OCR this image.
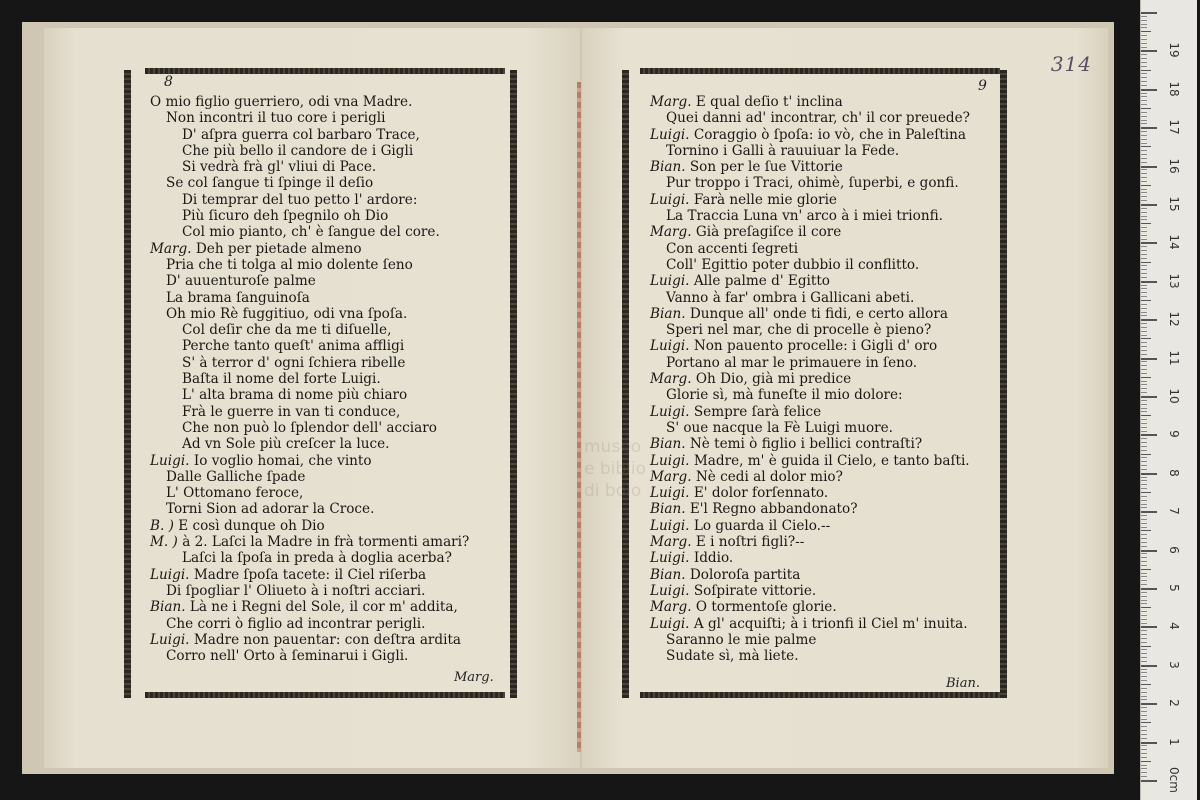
8	9
314
museo
e biblio
di bolo
O mio figlio guerriero, odi vna Madre.
Non incontri il tuo core i perigli
D' aſpra guerra col barbaro Trace,
Che più bello il candore de i Gigli
Si vedrà frà gl' vliui di Pace.
Se col ſangue ti ſpinge il deſio
Di temprar del tuo petto l' ardore:
Più ſicuro deh ſpegnilo oh Dio
Col mio pianto, ch' è ſangue del core.
Marg. Deh per pietade almeno
Pria che ti tolga al mio dolente ſeno
D' auuenturoſe palme
La brama ſanguinoſa
Oh mio Rè fuggitiuo, odi vna ſpoſa.
Col deſir che da me ti diſuelle,
Perche tanto queſt' anima affligi
S' à terror d' ogni ſchiera ribelle
Baſta il nome del forte Luigi.
L' alta brama di nome più chiaro
Frà le guerre in van ti conduce,
Che non può lo ſplendor dell' acciaro
Ad vn Sole più creſcer la luce.
Luigi. Io voglio homai, che vinto
Dalle Galliche ſpade
L' Ottomano feroce,
Torni Sion ad adorar la Croce.
B. ) E così dunque oh Dio
M. ) à 2. Laſci la Madre in frà tormenti amari?
Laſci la ſpoſa in preda à doglia acerba?
Luigi. Madre ſpoſa tacete: il Ciel riſerba
Di ſpogliar l' Oliueto à i noſtri acciari.
Bian. Là ne i Regni del Sole, il cor m' addita,
Che corri ò figlio ad incontrar perigli.
Luigi. Madre non pauentar: con deſtra ardita
Corro nell' Orto à ſeminarui i Gigli.
Marg.
Marg. E qual deſio t' inclina
Quei danni ad' incontrar, ch' il cor preuede?
Luigi. Coraggio ò ſpoſa: io vò, che in Paleſtina
Tornino i Galli à rauuiuar la Fede.
Bian. Son per le ſue Vittorie
Pur troppo i Traci, ohimè, ſuperbi, e gonfi.
Luigi. Farà nelle mie glorie
La Traccia Luna vn' arco à i miei trionfi.
Marg. Già preſagiſce il core
Con accenti ſegreti
Coll' Egittio poter dubbio il conflitto.
Luigi. Alle palme d' Egitto
Vanno à far' ombra i Gallicani abeti.
Bian. Dunque all' onde ti fidi, e certo allora
Speri nel mar, che di procelle è pieno?
Luigi. Non pauento procelle: i Gigli d' oro
Portano al mar le primauere in ſeno.
Marg. Oh Dio, già mi predice
Glorie sì, mà funeſte il mio dolore:
Luigi. Sempre ſarà felice
S' oue nacque la Fè Luigi muore.
Bian. Nè temi ò figlio i bellici contraſti?
Luigi. Madre, m' è guida il Cielo, e tanto baſti.
Marg. Nè cedi al dolor mio?
Luigi. E' dolor forſennato.
Bian. E'l Regno abbandonato?
Luigi. Lo guarda il Cielo.--
Marg. E i noſtri figli?--
Luigi. Iddio.
Bian. Doloroſa partita
Luigi. Soſpirate vittorie.
Marg. O tormentoſe glorie.
Luigi. A gl' acquiſti; à i trionfi il Ciel m' inuita.
Saranno le mie palme
Sudate sì, mà liete.
Bian.
0cm
1
2
3
4
5
6
7
8
9
10
11
12
13
14
15
16
17
18
19
